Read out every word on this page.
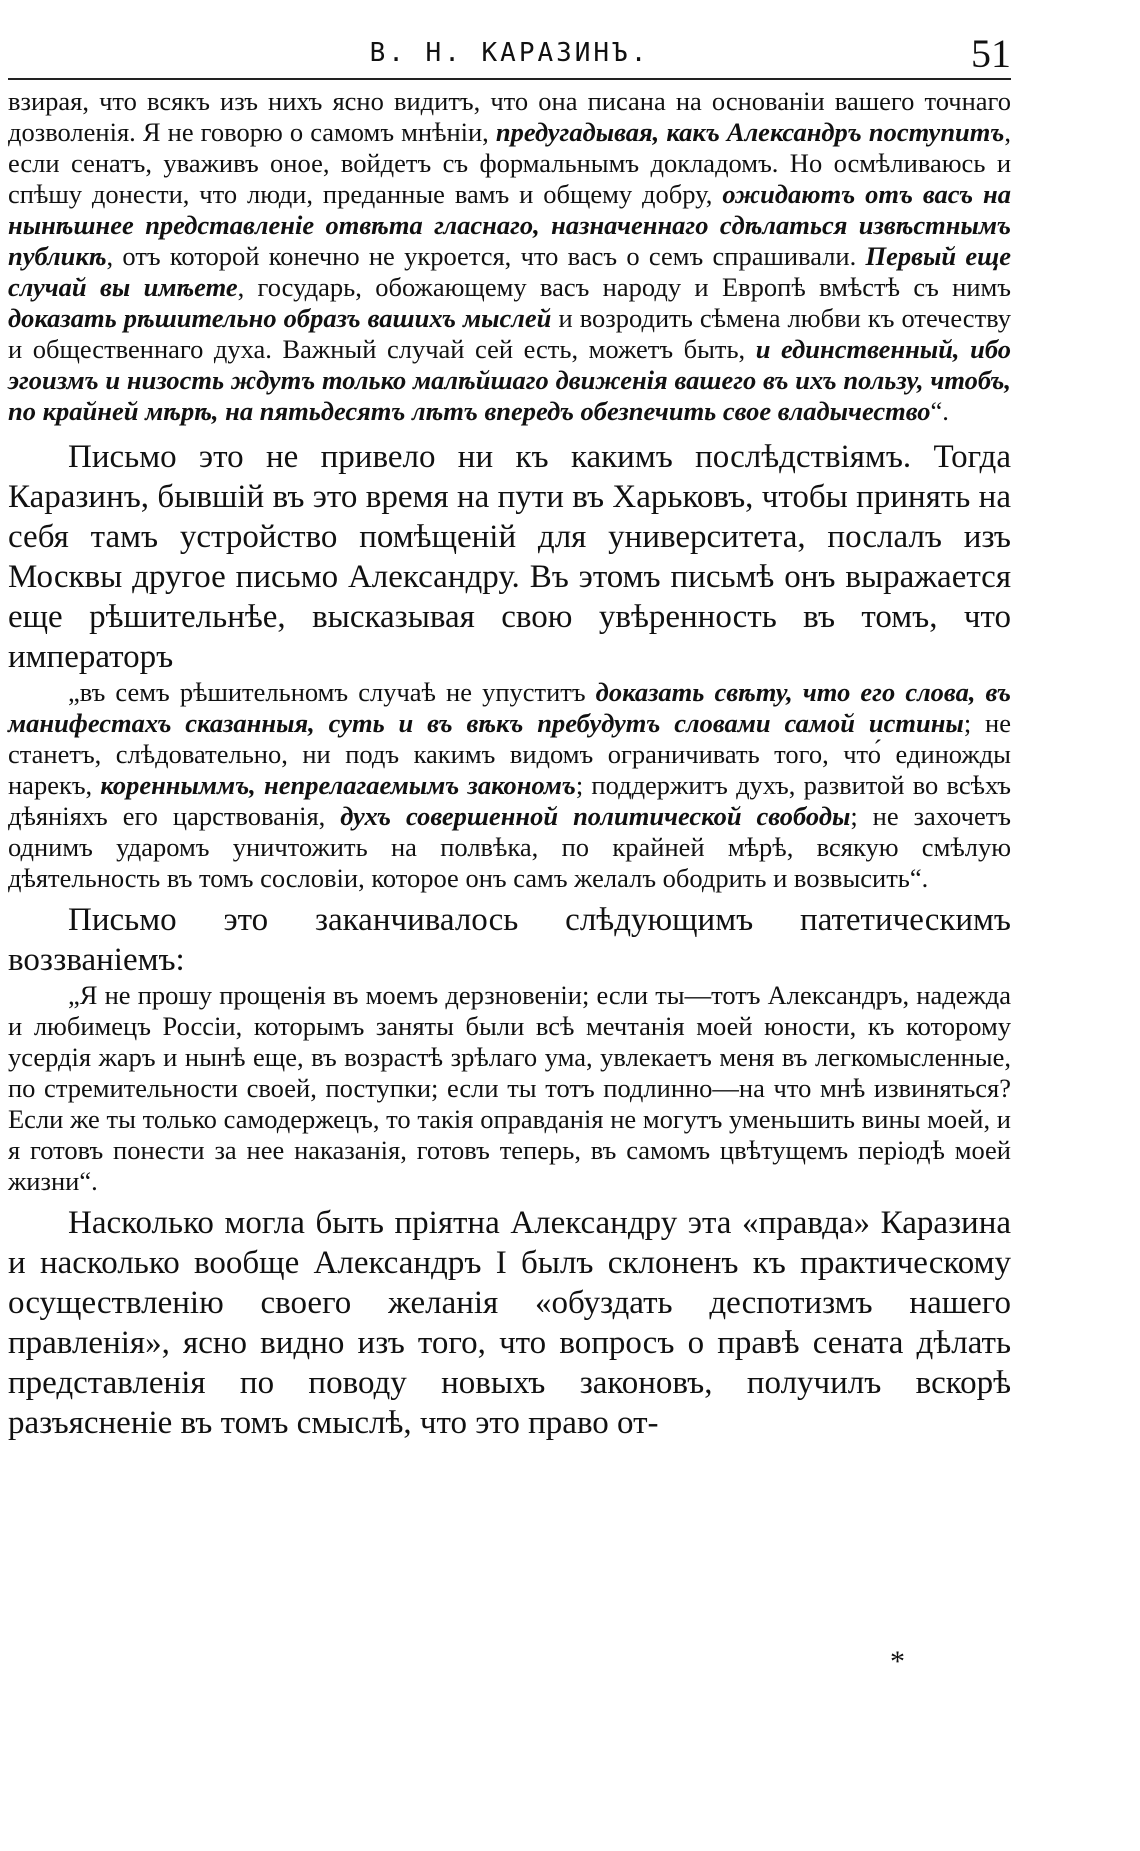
В. Н. КАРАЗИНЪ.	51

взирая, что всякъ изъ нихъ ясно видитъ, что она писана на основаніи вашего точнаго дозволенія. Я не говорю о самомъ мнѣніи, предугадывая, какъ Александръ поступитъ, если сенатъ, уваживъ оное, войдетъ съ формальнымъ докладомъ. Но осмѣливаюсь и спѣшу донести, что люди, преданные вамъ и общему добру, ожидаютъ отъ васъ на нынѣшнее представленіе отвѣта гласнаго, назначеннаго сдѣлаться извѣстнымъ публикѣ, отъ которой конечно не укроется, что васъ о семъ спрашивали. Первый еще случай вы имѣете, государь, обожающему васъ народу и Европѣ вмѣстѣ съ нимъ доказать рѣшительно образъ вашихъ мыслей и возродить сѣмена любви къ отечеству и общественнаго духа. Важный случай сей есть, можетъ быть, и единственный, ибо эгоизмъ и низость ждутъ только малѣйшаго движенія вашего въ ихъ пользу, чтобъ, по крайней мѣрѣ, на пятьдесятъ лѣтъ впередъ обезпечить свое владычество“.

Письмо это не привело ни къ какимъ послѣдствіямъ. Тогда Каразинъ, бывшій въ это время на пути въ Харьковъ, чтобы принять на себя тамъ устройство помѣщеній для университета, послалъ изъ Москвы другое письмо Александру. Въ этомъ письмѣ онъ выражается еще рѣшительнѣе, высказывая свою увѣренность въ томъ, что императоръ

„въ семъ рѣшительномъ случаѣ не упуститъ доказать свѣту, что его слова, въ манифестахъ сказанныя, суть и въ вѣкъ пребудутъ словами самой истины; не станетъ, слѣдовательно, ни подъ какимъ видомъ ограничивать того, что́ единожды нарекъ, коренныммъ, непрелагаемымъ закономъ; поддержитъ духъ, развитой во всѣхъ дѣяніяхъ его царствованія, духъ совершенной политической свободы; не захочетъ однимъ ударомъ уничтожить на полвѣка, по крайней мѣрѣ, всякую смѣлую дѣятельность въ томъ сословіи, которое онъ самъ желалъ ободрить и возвысить“.

Письмо это заканчивалось слѣдующимъ патетическимъ воззваніемъ:

„Я не прошу прощенія въ моемъ дерзновеніи; если ты—тотъ Александръ, надежда и любимецъ Россіи, которымъ заняты были всѣ мечтанія моей юности, къ которому усердія жаръ и нынѣ еще, въ возрастѣ зрѣлаго ума, увлекаетъ меня въ легкомысленные, по стремительности своей, поступки; если ты тотъ подлинно—на что мнѣ извиняться? Если же ты только самодержецъ, то такія оправданія не могутъ уменьшить вины моей, и я готовъ понести за нее наказанія, готовъ теперь, въ самомъ цвѣтущемъ періодѣ моей жизни“.

Насколько могла быть пріятна Александру эта «правда» Каразина и насколько вообще Александръ I былъ склоненъ къ практическому осуществленію своего желанія «обуздать деспотизмъ нашего правленія», ясно видно изъ того, что вопросъ о правѣ сената дѣлать представленія по поводу новыхъ законовъ, получилъ вскорѣ разъясненіе въ томъ смыслѣ, что это право от-

*
